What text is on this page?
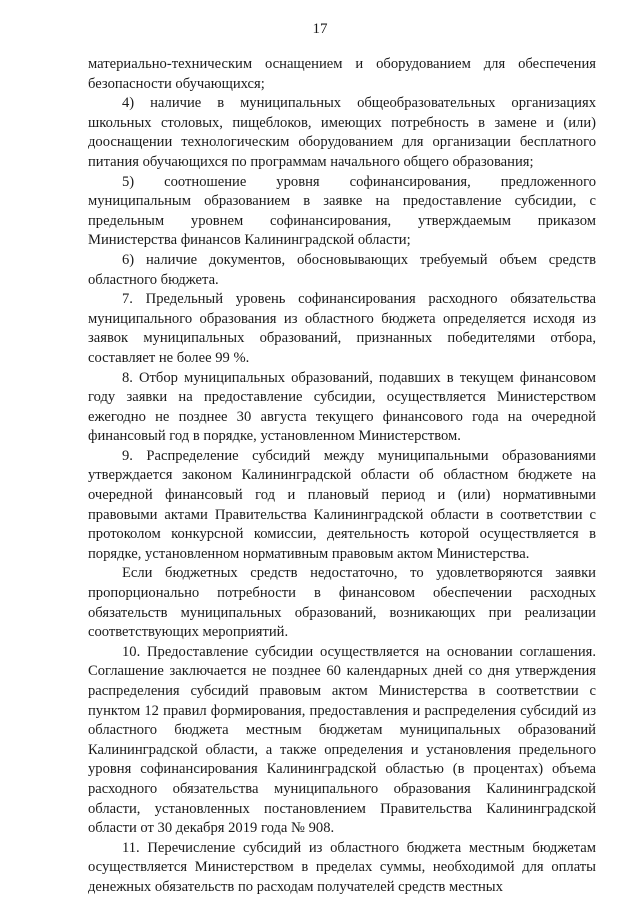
17

материально-техническим оснащением и оборудованием для обеспечения безопасности обучающихся;

4) наличие в муниципальных общеобразовательных организациях школьных столовых, пищеблоков, имеющих потребность в замене и (или) дооснащении технологическим оборудованием для организации бесплатного питания обучающихся по программам начального общего образования;

5) соотношение уровня софинансирования, предложенного муниципальным образованием в заявке на предоставление субсидии, с предельным уровнем софинансирования, утверждаемым приказом Министерства финансов Калининградской области;

6) наличие документов, обосновывающих требуемый объем средств областного бюджета.

7. Предельный уровень софинансирования расходного обязательства муниципального образования из областного бюджета определяется исходя из заявок муниципальных образований, признанных победителями отбора, составляет не более 99 %.

8. Отбор муниципальных образований, подавших в текущем финансовом году заявки на предоставление субсидии, осуществляется Министерством ежегодно не позднее 30 августа текущего финансового года на очередной финансовый год в порядке, установленном Министерством.

9. Распределение субсидий между муниципальными образованиями утверждается законом Калининградской области об областном бюджете на очередной финансовый год и плановый период и (или) нормативными правовыми актами Правительства Калининградской области в соответствии с протоколом конкурсной комиссии, деятельность которой осуществляется в порядке, установленном нормативным правовым актом Министерства.

Если бюджетных средств недостаточно, то удовлетворяются заявки пропорционально потребности в финансовом обеспечении расходных обязательств муниципальных образований, возникающих при реализации соответствующих мероприятий.

10. Предоставление субсидии осуществляется на основании соглашения. Соглашение заключается не позднее 60 календарных дней со дня утверждения распределения субсидий правовым актом Министерства в соответствии с пунктом 12 правил формирования, предоставления и распределения субсидий из областного бюджета местным бюджетам муниципальных образований Калининградской области, а также определения и установления предельного уровня софинансирования Калининградской областью (в процентах) объема расходного обязательства муниципального образования Калининградской области, установленных постановлением Правительства Калининградской области от 30 декабря 2019 года № 908.

11. Перечисление субсидий из областного бюджета местным бюджетам осуществляется Министерством в пределах суммы, необходимой для оплаты денежных обязательств по расходам получателей средств местных
